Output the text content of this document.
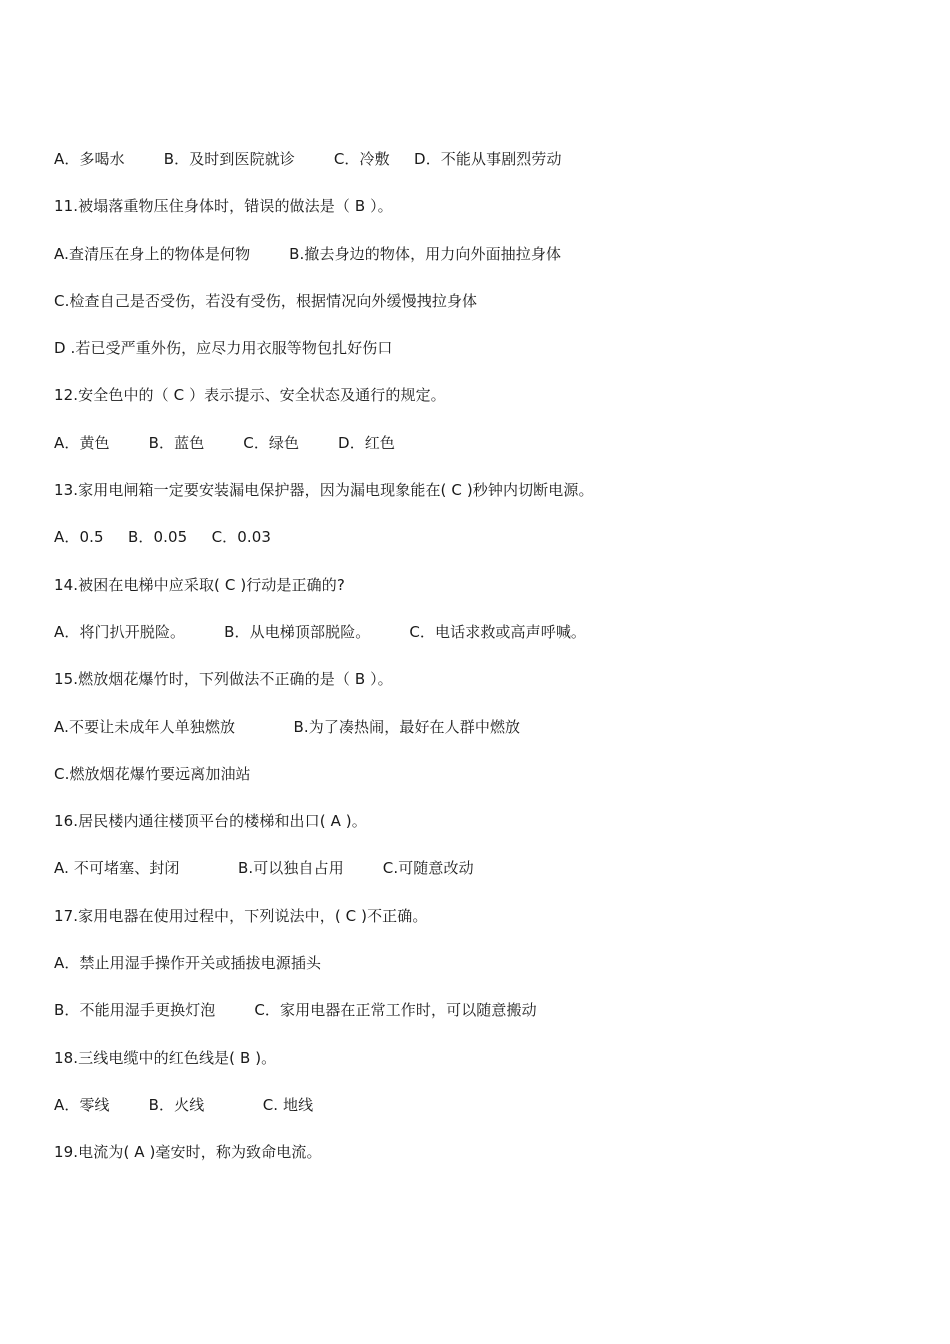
A．多喝水        B．及时到医院就诊        C．冷敷     D．不能从事剧烈劳动
11.被塌落重物压住身体时，错误的做法是（ B ）。
A.查清压在身上的物体是何物        B.撤去身边的物体，用力向外面抽拉身体
C.检查自己是否受伤，若没有受伤，根据情况向外缓慢拽拉身体
D .若已受严重外伤，应尽力用衣服等物包扎好伤口
12.安全色中的（ C ）表示提示、安全状态及通行的规定。
A．黄色        B．蓝色        C．绿色        D．红色
13.家用电闸箱一定要安装漏电保护器，因为漏电现象能在( C )秒钟内切断电源。
A．0.5     B．0.05     C．0.03
14.被困在电梯中应采取( C )行动是正确的?
A．将门扒开脱险。        B．从电梯顶部脱险。        C．电话求救或高声呼喊。
15.燃放烟花爆竹时，下列做法不正确的是（ B ）。
A.不要让未成年人单独燃放            B.为了凑热闹，最好在人群中燃放
C.燃放烟花爆竹要远离加油站
16.居民楼内通往楼顶平台的楼梯和出口( A )。
A. 不可堵塞、封闭            B.可以独自占用        C.可随意改动
17.家用电器在使用过程中，下列说法中，( C )不正确。
A．禁止用湿手操作开关或插拔电源插头
B．不能用湿手更换灯泡        C．家用电器在正常工作时，可以随意搬动
18.三线电缆中的红色线是( B )。
A．零线        B．火线            C. 地线
19.电流为( A )毫安时，称为致命电流。
